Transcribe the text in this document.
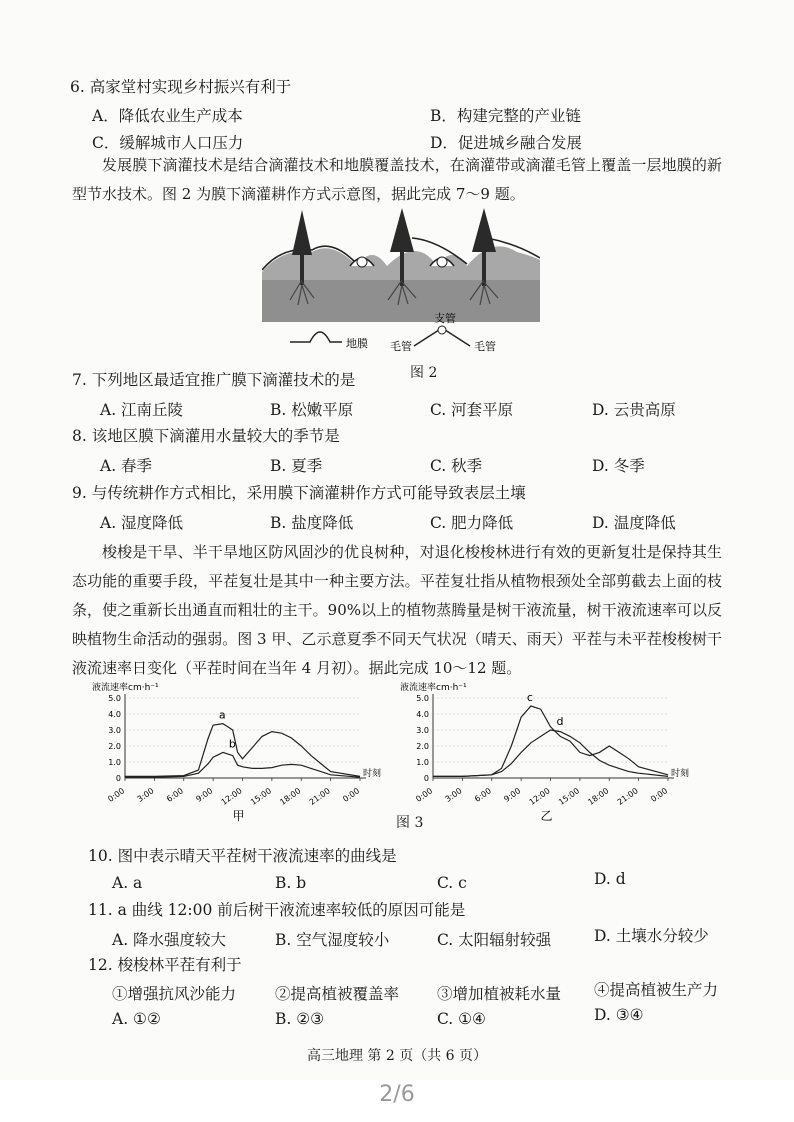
6. 高家堂村实现乡村振兴有利于
A．降低农业生产成本	B．构建完整的产业链
C．缓解城市人口压力	D．促进城乡融合发展
发展膜下滴灌技术是结合滴灌技术和地膜覆盖技术，在滴灌带或滴灌毛管上覆盖一层地膜的新型节水技术。图 2 为膜下滴灌耕作方式示意图，据此完成 7～9 题。
地膜 毛管
支管
毛管
图 2
7. 下列地区最适宜推广膜下滴灌技术的是
A. 江南丘陵	B. 松嫩平原	C. 河套平原	D. 云贵高原
8. 该地区膜下滴灌用水量较大的季节是
A. 春季	B. 夏季	C. 秋季	D. 冬季
9. 与传统耕作方式相比，采用膜下滴灌耕作方式可能导致表层土壤
A. 湿度降低	B. 盐度降低	C. 肥力降低	D. 温度降低
梭梭是干旱、半干旱地区防风固沙的优良树种，对退化梭梭林进行有效的更新复壮是保持其生态功能的重要手段，平茬复壮是其中一种主要方法。平茬复壮指从植物根颈处全部剪截去上面的枝条，使之重新长出通直而粗壮的主干。90%以上的植物蒸腾量是树干液流量，树干液流速率可以反映植物生命活动的强弱。图 3 甲、乙示意夏季不同天气状况（晴天、雨天）平茬与未平茬梭梭树干液流速率日变化（平茬时间在当年 4 月初）。据此完成 10～12 题。
液流速率cm·h⁻¹
5.0
4.0
3.0
2.0
1.0
0	时刻
0:00 3:00 6:00 9:00 12:00 15:00 18:00 21:00 0:00
a
b
甲
液流速率cm·h⁻¹
5.0
4.0
3.0
2.0
1.0
0	时刻
0:00 3:00 6:00 9:00 12:00 15:00 18:00 21:00 0:00
c
d
乙
图 3
10. 图中表示晴天平茬树干液流速率的曲线是
A. a	B. b	C. c	D. d
11. a 曲线 12:00 前后树干液流速率较低的原因可能是
A. 降水强度较大	B. 空气湿度较小	C. 太阳辐射较强	D. 土壤水分较少
12. 梭梭林平茬有利于
①增强抗风沙能力	②提高植被覆盖率 ③增加植被耗水量 ④提高植被生产力
A. ①②	B. ②③	C. ①④	D. ③④
高三地理 第 2 页（共 6 页）
2/6
